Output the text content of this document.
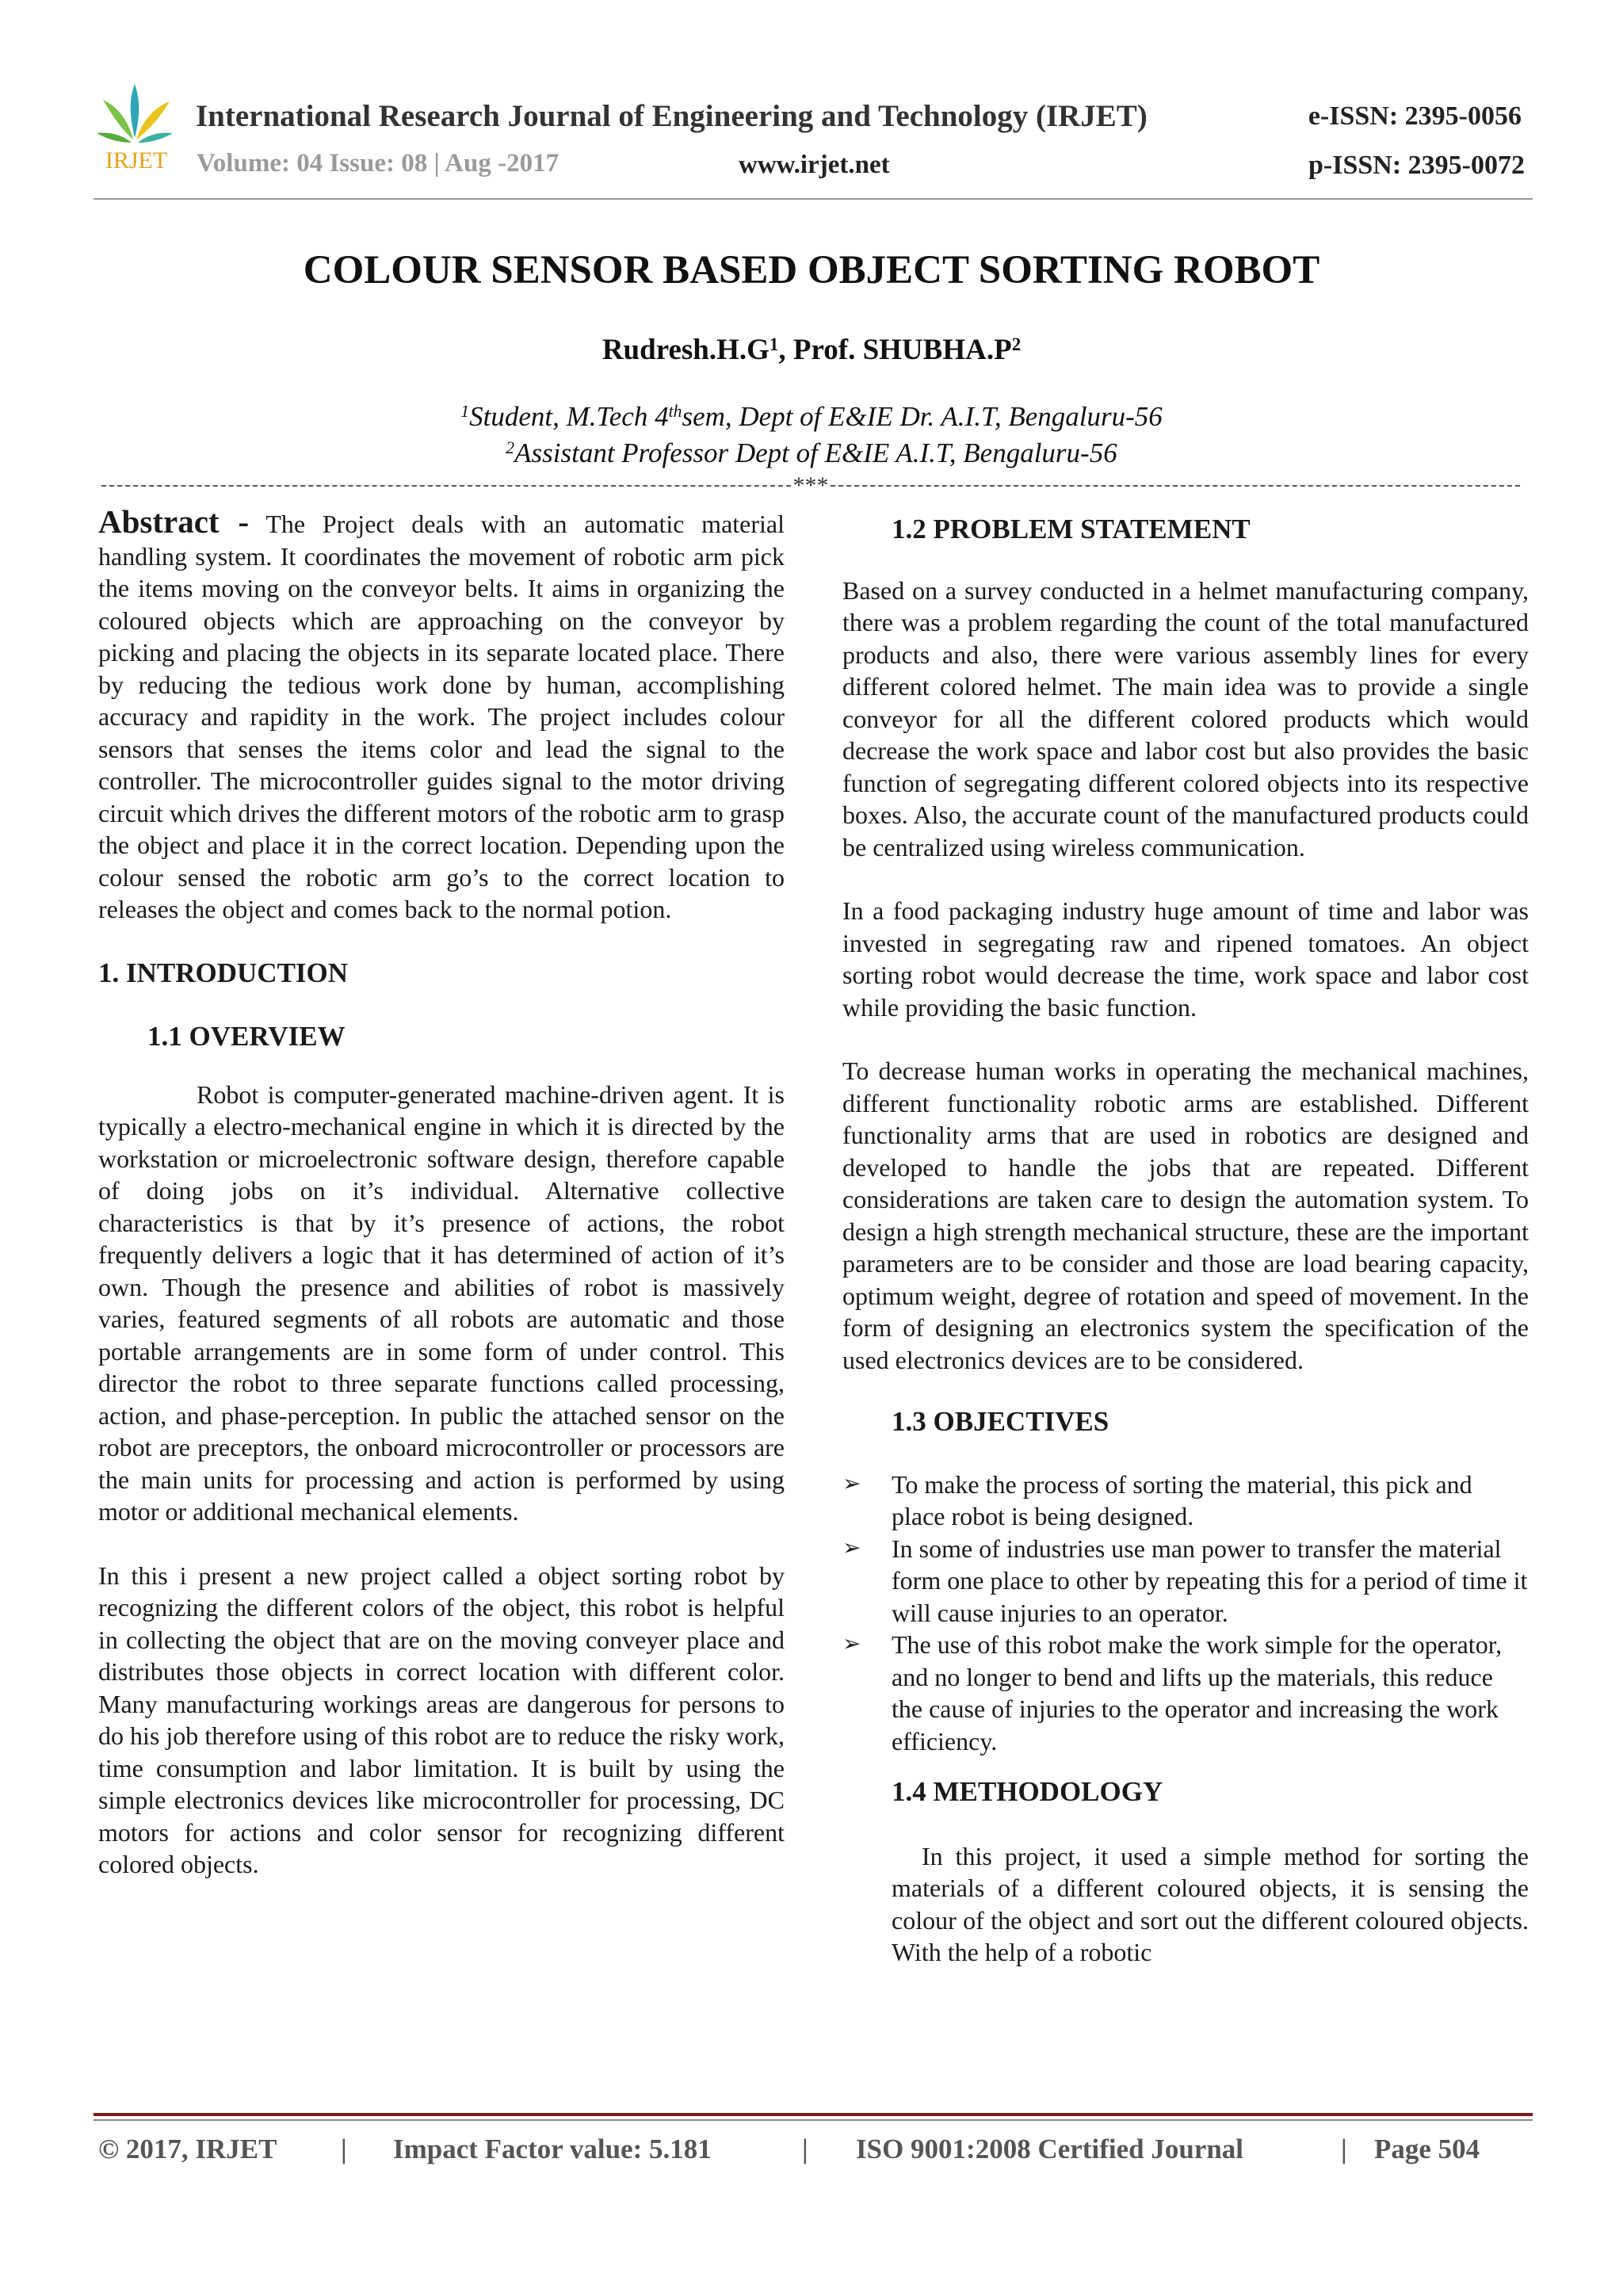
IRJET
International Research Journal of Engineering and Technology (IRJET)	e-ISSN: 2395-0056
Volume: 04 Issue: 08 | Aug -2017	www.irjet.net	p-ISSN: 2395-0072
COLOUR SENSOR BASED OBJECT SORTING ROBOT
$Rudresh.H.G^1$, Prof. $SHUBHA.P^2$
$^1$Student, M.Tech 4thsem, Dept of E&IE Dr. A.I.T, Bengaluru-56
$^2$Assistant Professor Dept of E&IE A.I.T, Bengaluru-56
***

Abstract - The Project deals with an automatic material handling system. It coordinates the movement of robotic arm pick the items moving on the conveyor belts. It aims in organizing the coloured objects which are approaching on the conveyor by picking and placing the objects in its separate located place. There by reducing the tedious work done by human, accomplishing accuracy and rapidity in the work. The project includes colour sensors that senses the items color and lead the signal to the controller. The microcontroller guides signal to the motor driving circuit which drives the different motors of the robotic arm to grasp the object and place it in the correct location. Depending upon the colour sensed the robotic arm go’s to the correct location to releases the object and comes back to the normal potion.

1. INTRODUCTION
1.1 OVERVIEW

Robot is computer-generated machine-driven agent. It is typically a electro-mechanical engine in which it is directed by the workstation or microelectronic software design, therefore capable of doing jobs on it’s individual. Alternative collective characteristics is that by it’s presence of actions, the robot frequently delivers a logic that it has determined of action of it’s own. Though the presence and abilities of robot is massively varies, featured segments of all robots are automatic and those portable arrangements are in some form of under control. This director the robot to three separate functions called processing, action, and phase-perception. In public the attached sensor on the robot are preceptors, the onboard microcontroller or processors are the main units for processing and action is performed by using motor or additional mechanical elements.

In this i present a new project called a object sorting robot by recognizing the different colors of the object, this robot is helpful in collecting the object that are on the moving conveyer place and distributes those objects in correct location with different color. Many manufacturing workings areas are dangerous for persons to do his job therefore using of this robot are to reduce the risky work, time consumption and labor limitation. It is built by using the simple electronics devices like microcontroller for processing, DC motors for actions and color sensor for recognizing different colored objects.

1.2 PROBLEM STATEMENT

Based on a survey conducted in a helmet manufacturing company, there was a problem regarding the count of the total manufactured products and also, there were various assembly lines for every different colored helmet. The main idea was to provide a single conveyor for all the different colored products which would decrease the work space and labor cost but also provides the basic function of segregating different colored objects into its respective boxes. Also, the accurate count of the manufactured products could be centralized using wireless communication.

In a food packaging industry huge amount of time and labor was invested in segregating raw and ripened tomatoes. An object sorting robot would decrease the time, work space and labor cost while providing the basic function.

To decrease human works in operating the mechanical machines, different functionality robotic arms are established. Different functionality arms that are used in robotics are designed and developed to handle the jobs that are repeated. Different considerations are taken care to design the automation system. To design a high strength mechanical structure, these are the important parameters are to be consider and those are load bearing capacity, optimum weight, degree of rotation and speed of movement. In the form of designing an electronics system the specification of the used electronics devices are to be considered.

1.3 OBJECTIVES
➢ To make the process of sorting the material, this pick and place robot is being designed.
➢ In some of industries use man power to transfer the material form one place to other by repeating this for a period of time it will cause injuries to an operator.
➢ The use of this robot make the work simple for the operator, and no longer to bend and lifts up the materials, this reduce the cause of injuries to the operator and increasing the work efficiency.
1.4 METHODOLOGY

In this project, it used a simple method for sorting the materials of a different coloured objects, it is sensing the colour of the object and sort out the different coloured objects. With the help of a robotic

© 2017, IRJET | Impact Factor value: 5.181	| ISO 9001:2008 Certified Journal	| Page 504
